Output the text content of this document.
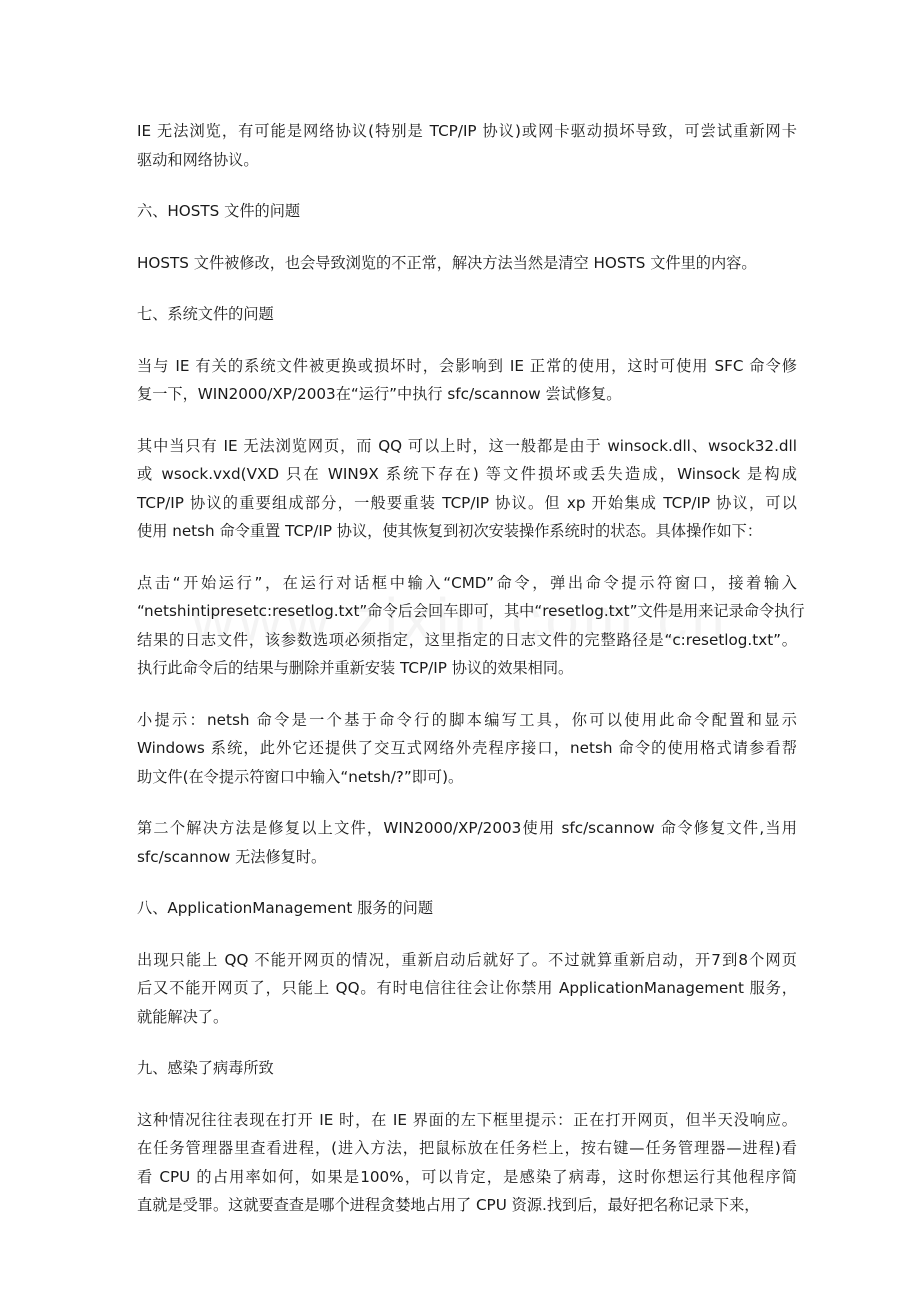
IE 无法浏览，有可能是网络协议(特别是 TCP/IP 协议)或网卡驱动损坏导致，可尝试重新网卡
驱动和网络协议。
六、HOSTS 文件的问题
HOSTS 文件被修改，也会导致浏览的不正常，解决方法当然是清空 HOSTS 文件里的内容。
七、系统文件的问题
当与 IE 有关的系统文件被更换或损坏时，会影响到 IE 正常的使用，这时可使用 SFC 命令修
复一下，WIN2000/XP/2003在“运行”中执行 sfc/scannow 尝试修复。
其中当只有 IE 无法浏览网页，而 QQ 可以上时，这一般都是由于 winsock.dll、wsock32.dll
或 wsock.vxd(VXD 只在 WIN9X 系统下存在) 等文件损坏或丢失造成，Winsock 是构成
TCP/IP 协议的重要组成部分，一般要重装 TCP/IP 协议。但 xp 开始集成 TCP/IP 协议，可以
使用 netsh 命令重置 TCP/IP 协议，使其恢复到初次安装操作系统时的状态。具体操作如下：
点击“开始运行”，在运行对话框中输入“CMD”命令，弹出命令提示符窗口，接着输入
“netshintipresetc:resetlog.txt”命令后会回车即可，其中“resetlog.txt”文件是用来记录命令执行
结果的日志文件，该参数选项必须指定，这里指定的日志文件的完整路径是“c:resetlog.txt”。
执行此命令后的结果与删除并重新安装 TCP/IP 协议的效果相同。
小提示：netsh 命令是一个基于命令行的脚本编写工具，你可以使用此命令配置和显示
Windows 系统，此外它还提供了交互式网络外壳程序接口，netsh 命令的使用格式请参看帮
助文件(在令提示符窗口中输入“netsh/?”即可)。
第二个解决方法是修复以上文件，WIN2000/XP/2003使用 sfc/scannow 命令修复文件,当用
sfc/scannow 无法修复时。
八、ApplicationManagement 服务的问题
出现只能上 QQ 不能开网页的情况，重新启动后就好了。不过就算重新启动，开7到8个网页
后又不能开网页了，只能上 QQ。有时电信往往会让你禁用 ApplicationManagement 服务，
就能解决了。
九、感染了病毒所致
这种情况往往表现在打开 IE 时，在 IE 界面的左下框里提示：正在打开网页，但半天没响应。
在任务管理器里查看进程，(进入方法，把鼠标放在任务栏上，按右键—任务管理器—进程)看
看 CPU 的占用率如何，如果是100%，可以肯定，是感染了病毒，这时你想运行其他程序简
直就是受罪。这就要查查是哪个进程贪婪地占用了 CPU 资源.找到后，最好把名称记录下来，
